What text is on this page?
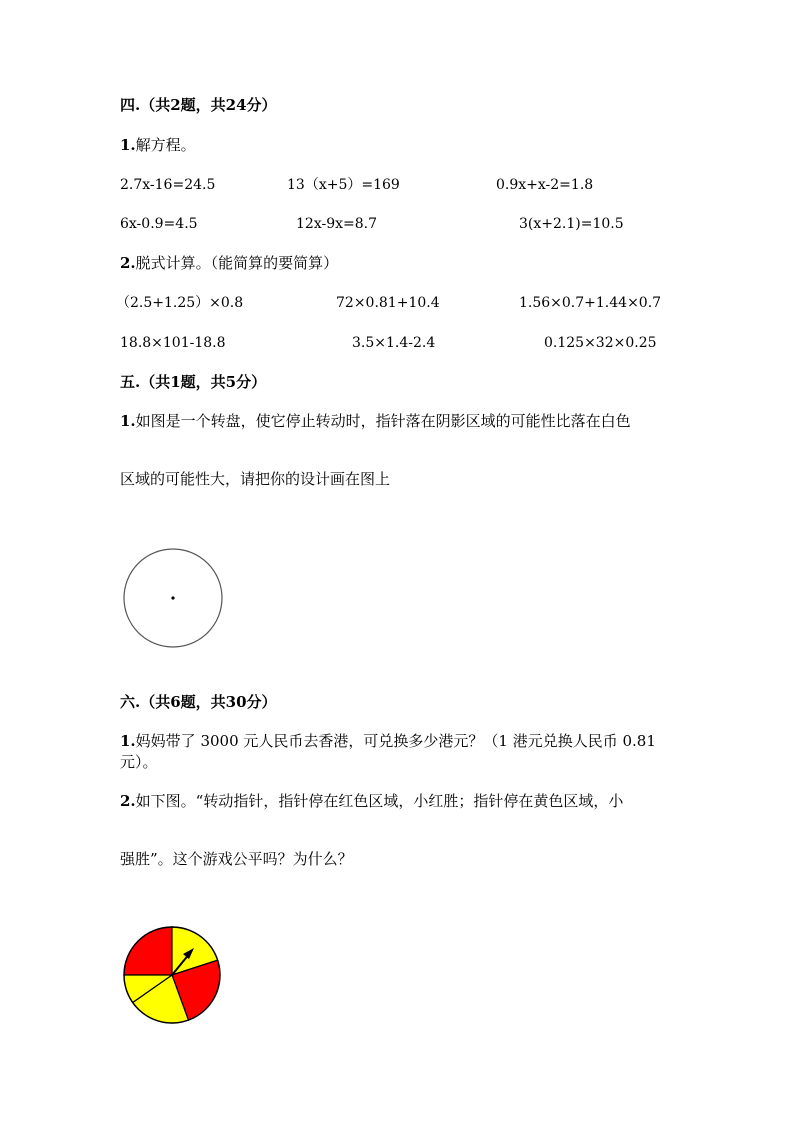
四.（共2题，共24分）
1.解方程。
2.7x-16=24.5	13（x+5）=169	0.9x+x-2=1.8
6x-0.9=4.5	12x-9x=8.7	3(x+2.1)=10.5
2.脱式计算。（能简算的要简算）
（2.5+1.25）×0.8	72×0.81+10.4	1.56×0.7+1.44×0.7
18.8×101-18.8	3.5×1.4-2.4	0.125×32×0.25
五.（共1题，共5分）
1.如图是一个转盘，使它停止转动时，指针落在阴影区域的可能性比落在白色
区域的可能性大，请把你的设计画在图上
六.（共6题，共30分）
1.妈妈带了 3000 元人民币去香港，可兑换多少港元？（1 港元兑换人民币 0.81
元）。
2.如下图。“转动指针，指针停在红色区域，小红胜；指针停在黄色区域，小
强胜”。这个游戏公平吗？为什么？
